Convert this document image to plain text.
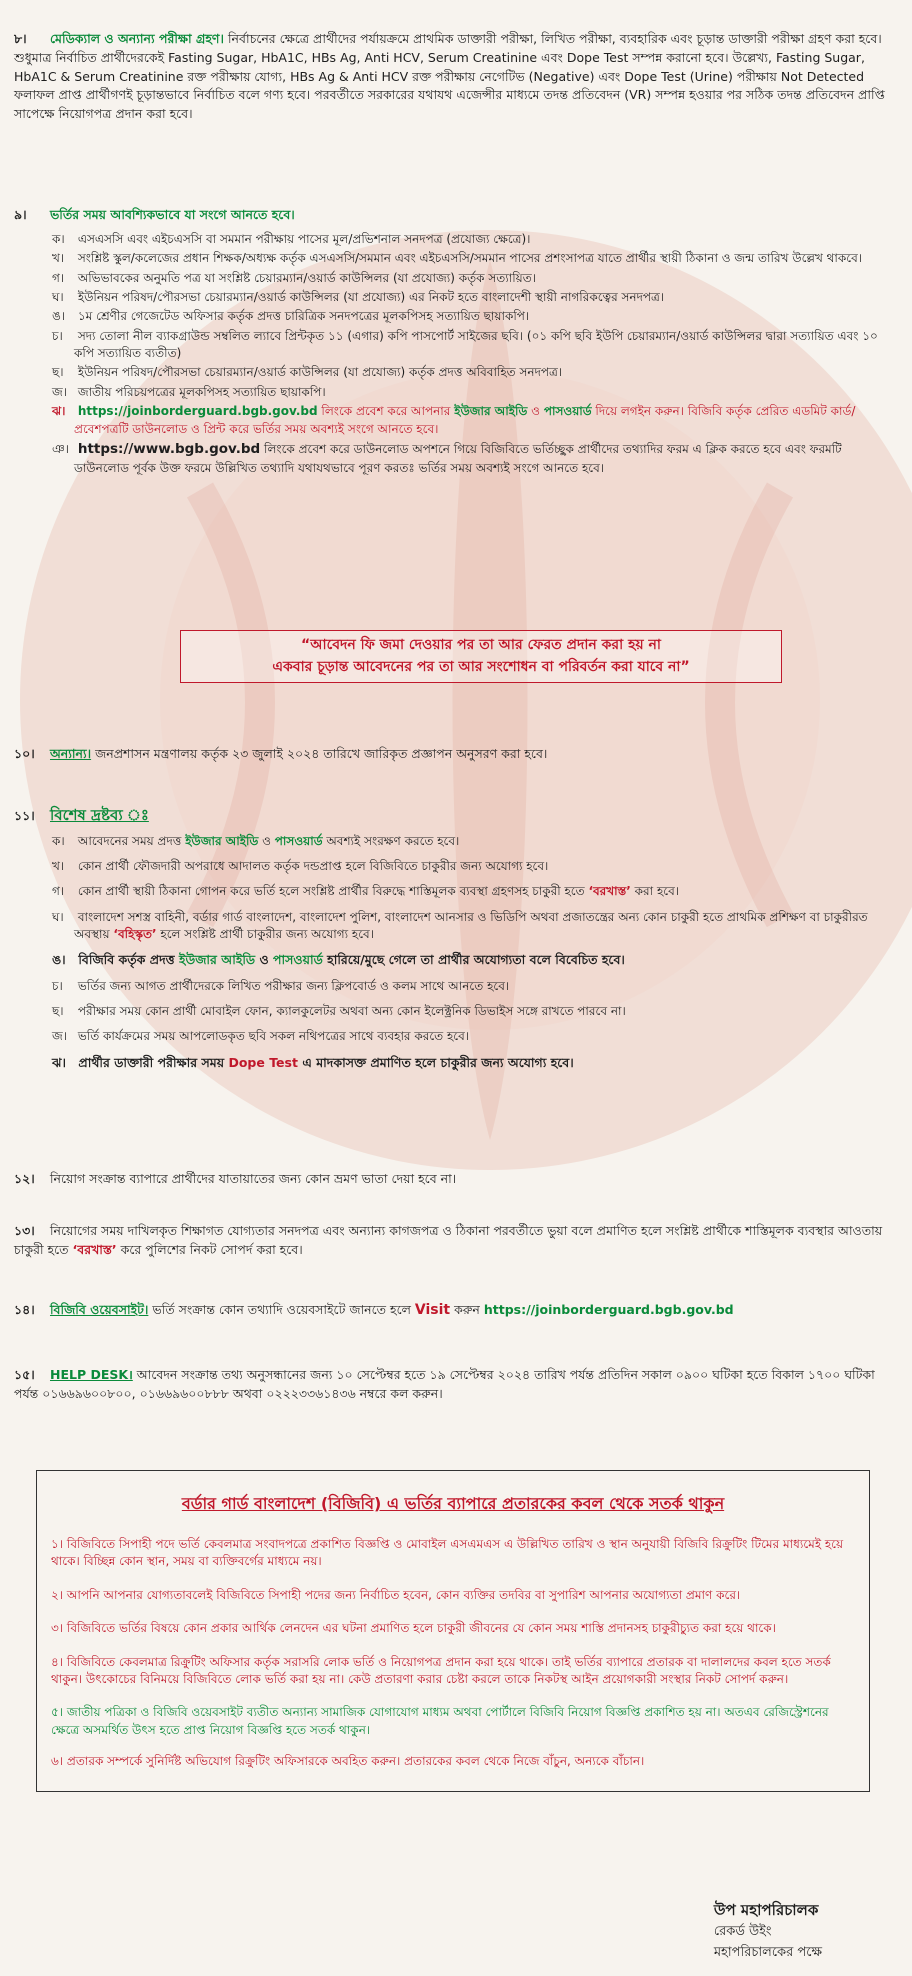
৮। মেডিক্যাল ও অন্যান্য পরীক্ষা গ্রহণ। নির্বাচনের ক্ষেত্রে প্রার্থীদের পর্যায়ক্রমে প্রাথমিক ডাক্তারী পরীক্ষা, লিখিত পরীক্ষা, ব্যবহারিক এবং চূড়ান্ত ডাক্তারী পরীক্ষা গ্রহণ করা হবে। শুধুমাত্র নির্বাচিত প্রার্থীদেরকেই Fasting Sugar, HbA1C, HBs Ag, Anti HCV, Serum Creatinine এবং Dope Test সম্পন্ন করানো হবে। উল্লেখ্য, Fasting Sugar, HbA1C & Serum Creatinine রক্ত পরীক্ষায় যোগ্য, HBs Ag & Anti HCV রক্ত পরীক্ষায় নেগেটিভ (Negative) এবং Dope Test (Urine) পরীক্ষায় Not Detected ফলাফল প্রাপ্ত প্রার্থীগণই চূড়ান্তভাবে নির্বাচিত বলে গণ্য হবে। পরবর্তীতে সরকারের যথাযথ এজেন্সীর মাধ্যমে তদন্ত প্রতিবেদন (VR) সম্পন্ন হওয়ার পর সঠিক তদন্ত প্রতিবেদন প্রাপ্তি সাপেক্ষে নিয়োগপত্র প্রদান করা হবে।
৯। ভর্তির সময় আবশ্যিকভাবে যা সংগে আনতে হবে।
ক। এসএসসি এবং এইচএসসি বা সমমান পরীক্ষায় পাসের মূল/প্রভিশনাল সনদপত্র (প্রযোজ্য ক্ষেত্রে)।
খ। সংশ্লিষ্ট স্কুল/কলেজের প্রধান শিক্ষক/অধ্যক্ষ কর্তৃক এসএসসি/সমমান এবং এইচএসসি/সমমান পাসের প্রশংসাপত্র যাতে প্রার্থীর স্থায়ী ঠিকানা ও জন্ম তারিখ উল্লেখ থাকবে।
গ। অভিভাবকের অনুমতি পত্র যা সংশ্লিষ্ট চেয়ারম্যান/ওয়ার্ড কাউন্সিলর (যা প্রযোজ্য) কর্তৃক সত্যায়িত।
ঘ। ইউনিয়ন পরিষদ/পৌরসভা চেয়ারম্যান/ওয়ার্ড কাউন্সিলর (যা প্রযোজ্য) এর নিকট হতে বাংলাদেশী স্থায়ী নাগরিকত্বের সনদপত্র।
ঙ। ১ম শ্রেণীর গেজেটেড অফিসার কর্তৃক প্রদত্ত চারিত্রিক সনদপত্রের মূলকপিসহ সত্যায়িত ছায়াকপি।
চ। সদ্য তোলা নীল ব্যাকগ্রাউন্ড সম্বলিত ল্যাবে প্রিন্টকৃত ১১ (এগার) কপি পাসপোর্ট সাইজের ছবি। (০১ কপি ছবি ইউপি চেয়ারম্যান/ওয়ার্ড কাউন্সিলর দ্বারা সত্যায়িত এবং ১০ কপি সত্যায়িত ব্যতীত)
ছ। ইউনিয়ন পরিষদ/পৌরসভা চেয়ারম্যান/ওয়ার্ড কাউন্সিলর (যা প্রযোজ্য) কর্তৃক প্রদত্ত অবিবাহিত সনদপত্র।
জ। জাতীয় পরিচয়পত্রের মূলকপিসহ সত্যায়িত ছায়াকপি।
ঝ। https://joinborderguard.bgb.gov.bd লিংকে প্রবেশ করে আপনার ইউজার আইডি ও পাসওয়ার্ড দিয়ে লগইন করুন। বিজিবি কর্তৃক প্রেরিত এডমিট কার্ড/প্রবেশপত্রটি ডাউনলোড ও প্রিন্ট করে ভর্তির সময় অবশ্যই সংগে আনতে হবে।
ঞ। https://www.bgb.gov.bd লিংকে প্রবেশ করে ডাউনলোড অপশনে গিয়ে বিজিবিতে ভর্তিচ্ছুক প্রার্থীদের তথ্যাদির ফরম এ ক্লিক করতে হবে এবং ফরমটি ডাউনলোড পূর্বক উক্ত ফরমে উল্লিখিত তথ্যাদি যথাযথভাবে পূরণ করতঃ ভর্তির সময় অবশ্যই সংগে আনতে হবে।
“আবেদন ফি জমা দেওয়ার পর তা আর ফেরত প্রদান করা হয় না
একবার চূড়ান্ত আবেদনের পর তা আর সংশোধন বা পরিবর্তন করা যাবে না”
১০। অন্যান্য। জনপ্রশাসন মন্ত্রণালয় কর্তৃক ২৩ জুলাই ২০২৪ তারিখে জারিকৃত প্রজ্ঞাপন অনুসরণ করা হবে।
১১। বিশেষ দ্রষ্টব্য ঃ
ক। আবেদনের সময় প্রদত্ত ইউজার আইডি ও পাসওয়ার্ড অবশ্যই সংরক্ষণ করতে হবে।
খ। কোন প্রার্থী ফৌজদারী অপরাধে আদালত কর্তৃক দন্ডপ্রাপ্ত হলে বিজিবিতে চাকুরীর জন্য অযোগ্য হবে।
গ। কোন প্রার্থী স্থায়ী ঠিকানা গোপন করে ভর্তি হলে সংশ্লিষ্ট প্রার্থীর বিরুদ্ধে শাস্তিমূলক ব্যবস্থা গ্রহণসহ চাকুরী হতে ‘বরখাস্ত’ করা হবে।
ঘ। বাংলাদেশ সশস্ত্র বাহিনী, বর্ডার গার্ড বাংলাদেশ, বাংলাদেশ পুলিশ, বাংলাদেশ আনসার ও ভিডিপি অথবা প্রজাতন্ত্রের অন্য কোন চাকুরী হতে প্রাথমিক প্রশিক্ষণ বা চাকুরীরত অবস্থায় ‘বহিস্কৃত’ হলে সংশ্লিষ্ট প্রার্থী চাকুরীর জন্য অযোগ্য হবে।
ঙ। বিজিবি কর্তৃক প্রদত্ত ইউজার আইডি ও পাসওয়ার্ড হারিয়ে/মুছে গেলে তা প্রার্থীর অযোগ্যতা বলে বিবেচিত হবে।
চ। ভর্তির জন্য আগত প্রার্থীদেরকে লিখিত পরীক্ষার জন্য ক্লিপবোর্ড ও কলম সাথে আনতে হবে।
ছ। পরীক্ষার সময় কোন প্রার্থী মোবাইল ফোন, ক্যালকুলেটর অথবা অন্য কোন ইলেক্ট্রনিক ডিভাইস সঙ্গে রাখতে পারবে না।
জ। ভর্তি কার্যক্রমের সময় আপলোডকৃত ছবি সকল নথিপত্রের সাথে ব্যবহার করতে হবে।
ঝ। প্রার্থীর ডাক্তারী পরীক্ষার সময় Dope Test এ মাদকাসক্ত প্রমাণিত হলে চাকুরীর জন্য অযোগ্য হবে।
১২। নিয়োগ সংক্রান্ত ব্যাপারে প্রার্থীদের যাতায়াতের জন্য কোন ভ্রমণ ভাতা দেয়া হবে না।
১৩। নিয়োগের সময় দাখিলকৃত শিক্ষাগত যোগ্যতার সনদপত্র এবং অন্যান্য কাগজপত্র ও ঠিকানা পরবর্তীতে ভুয়া বলে প্রমাণিত হলে সংশ্লিষ্ট প্রার্থীকে শাস্তিমূলক ব্যবস্থার আওতায় চাকুরী হতে ‘বরখাস্ত’ করে পুলিশের নিকট সোপর্দ করা হবে।
১৪। বিজিবি ওয়েবসাইট। ভর্তি সংক্রান্ত কোন তথ্যাদি ওয়েবসাইটে জানতে হলে Visit করুন https://joinborderguard.bgb.gov.bd
১৫। HELP DESK। আবেদন সংক্রান্ত তথ্য অনুসন্ধানের জন্য ১০ সেপ্টেম্বর হতে ১৯ সেপ্টেম্বর ২০২৪ তারিখ পর্যন্ত প্রতিদিন সকাল ০৯০০ ঘটিকা হতে বিকাল ১৭০০ ঘটিকা পর্যন্ত ০১৬৬৯৬০০৮০০, ০১৬৬৯৬০০৮৮৮ অথবা ০২২২৩৩৬১৪৩৬ নম্বরে কল করুন।
বর্ডার গার্ড বাংলাদেশ (বিজিবি) এ ভর্তির ব্যাপারে প্রতারকের কবল থেকে সতর্ক থাকুন
১। বিজিবিতে সিপাহী পদে ভর্তি কেবলমাত্র সংবাদপত্রে প্রকাশিত বিজ্ঞপ্তি ও মোবাইল এসএমএস এ উল্লিখিত তারিখ ও স্থান অনুযায়ী বিজিবি রিক্রুটিং টিমের মাধ্যমেই হয়ে থাকে। বিচ্ছিন্ন কোন স্থান, সময় বা ব্যক্তিবর্গের মাধ্যমে নয়।
২। আপনি আপনার যোগ্যতাবলেই বিজিবিতে সিপাহী পদের জন্য নির্বাচিত হবেন, কোন ব্যক্তির তদবির বা সুপারিশ আপনার অযোগ্যতা প্রমাণ করে।
৩। বিজিবিতে ভর্তির বিষয়ে কোন প্রকার আর্থিক লেনদেন এর ঘটনা প্রমাণিত হলে চাকুরী জীবনের যে কোন সময় শাস্তি প্রদানসহ চাকুরীচ্যুত করা হয়ে থাকে।
৪। বিজিবিতে কেবলমাত্র রিক্রুটিং অফিসার কর্তৃক সরাসরি লোক ভর্তি ও নিয়োগপত্র প্রদান করা হয়ে থাকে। তাই ভর্তির ব্যাপারে প্রতারক বা দালালদের কবল হতে সতর্ক থাকুন। উৎকোচের বিনিময়ে বিজিবিতে লোক ভর্তি করা হয় না। কেউ প্রতারণা করার চেষ্টা করলে তাকে নিকটস্থ আইন প্রয়োগকারী সংস্থার নিকট সোপর্দ করুন।
৫। জাতীয় পত্রিকা ও বিজিবি ওয়েবসাইট ব্যতীত অন্যান্য সামাজিক যোগাযোগ মাধ্যম অথবা পোর্টালে বিজিবি নিয়োগ বিজ্ঞপ্তি প্রকাশিত হয় না। অতএব রেজিস্ট্রেশনের ক্ষেত্রে অসমর্থিত উৎস হতে প্রাপ্ত নিয়োগ বিজ্ঞপ্তি হতে সতর্ক থাকুন।
৬। প্রতারক সম্পর্কে সুনির্দিষ্ট অভিযোগ রিক্রুটিং অফিসারকে অবহিত করুন। প্রতারকের কবল থেকে নিজে বাঁচুন, অন্যকে বাঁচান।
উপ মহাপরিচালক
রেকর্ড উইং
মহাপরিচালকের পক্ষে
